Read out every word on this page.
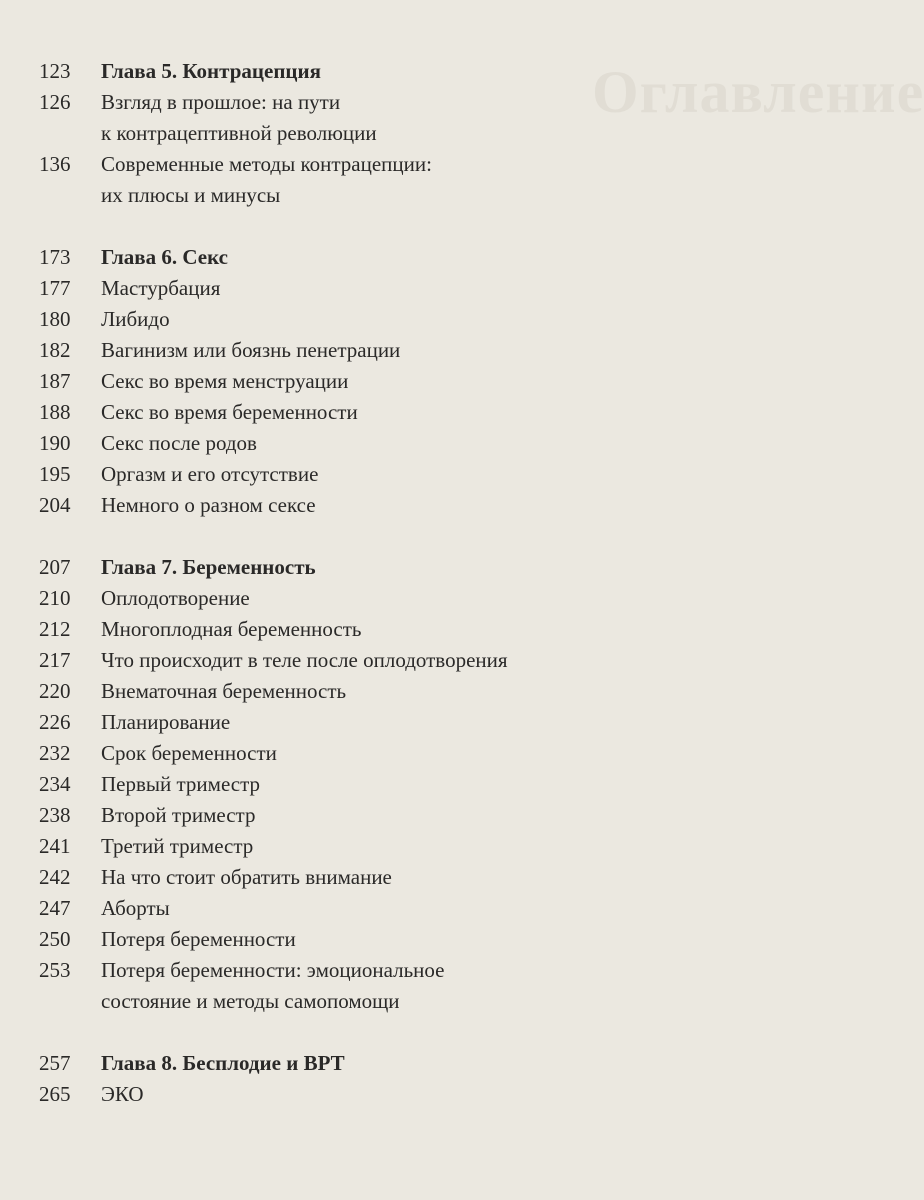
Оглавление
123	Глава 5. Контрацепция
126	Взгляд в прошлое: на пути
к контрацептивной революции
136	Современные методы контрацепции:
их плюсы и минусы
173	Глава 6. Секс
177	Мастурбация
180	Либидо
182	Вагинизм или боязнь пенетрации
187	Секс во время менструации
188	Секс во время беременности
190	Секс после родов
195	Оргазм и его отсутствие
204	Немного о разном сексе
207	Глава 7. Беременность
210	Оплодотворение
212	Многоплодная беременность
217	Что происходит в теле после оплодотворения
220	Внематочная беременность
226	Планирование
232	Срок беременности
234	Первый триместр
238	Второй триместр
241	Третий триместр
242	На что стоит обратить внимание
247	Аборты
250	Потеря беременности
253	Потеря беременности: эмоциональное
состояние и методы самопомощи
257	Глава 8. Бесплодие и ВРТ
265	ЭКО
